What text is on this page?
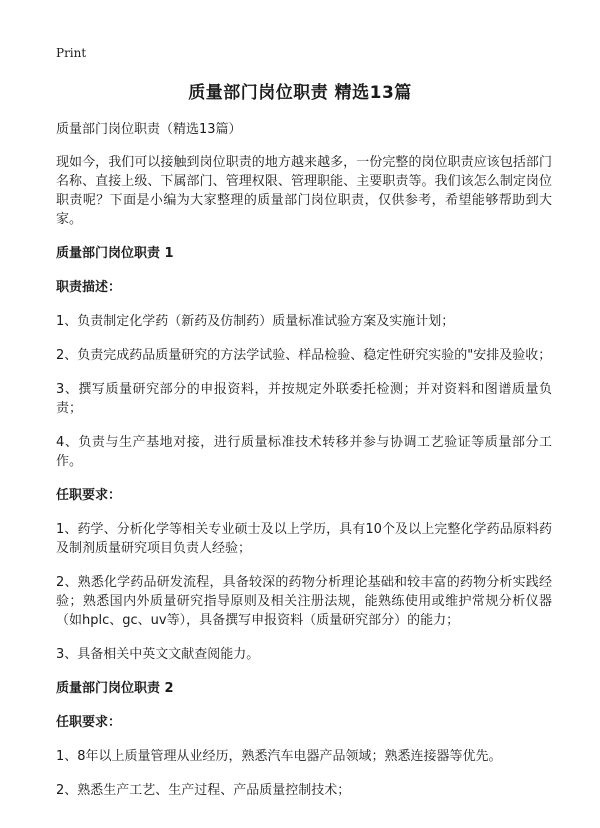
Print
质量部门岗位职责 精选13篇

质量部门岗位职责（精选13篇）

现如今，我们可以接触到岗位职责的地方越来越多，一份完整的岗位职责应该包括部门名称、直接上级、下属部门、管理权限、管理职能、主要职责等。我们该怎么制定岗位职责呢？下面是小编为大家整理的质量部门岗位职责，仅供参考，希望能够帮助到大家。

质量部门岗位职责 1

职责描述：

1、负责制定化学药（新药及仿制药）质量标准试验方案及实施计划；

2、负责完成药品质量研究的方法学试验、样品检验、稳定性研究实验的"安排及验收；

3、撰写质量研究部分的申报资料，并按规定外联委托检测；并对资料和图谱质量负责；

4、负责与生产基地对接，进行质量标准技术转移并参与协调工艺验证等质量部分工作。

任职要求：

1、药学、分析化学等相关专业硕士及以上学历，具有10个及以上完整化学药品原料药及制剂质量研究项目负责人经验；

2、熟悉化学药品研发流程，具备较深的药物分析理论基础和较丰富的药物分析实践经验；熟悉国内外质量研究指导原则及相关注册法规，能熟练使用或维护常规分析仪器（如hplc、gc、uv等），具备撰写申报资料（质量研究部分）的能力；

3、具备相关中英文文献查阅能力。

质量部门岗位职责 2

任职要求：

1、8年以上质量管理从业经历，熟悉汽车电器产品领域；熟悉连接器等优先。

2、熟悉生产工艺、生产过程、产品质量控制技术；
